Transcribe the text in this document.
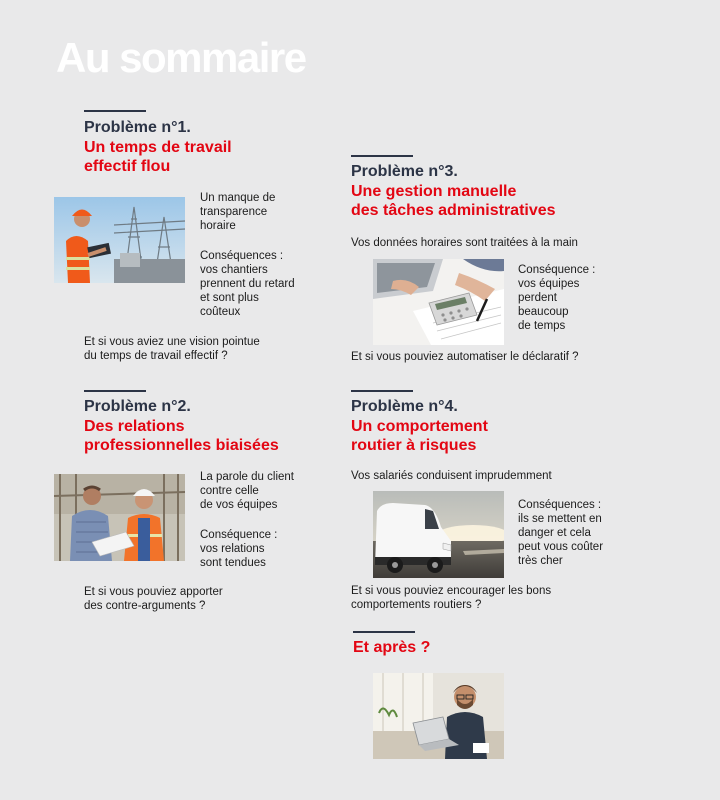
Au sommaire
Problème n°1.
Un temps de travail
effectif flou
Un manque de
transparence
horaire
Conséquences :
vos chantiers
prennent du retard
et sont plus
coûteux
Et si vous aviez une vision pointue
du temps de travail effectif ?
Problème n°2.
Des relations
professionnelles biaisées
La parole du client
contre celle
de vos équipes
Conséquence :
vos relations
sont tendues
Et si vous pouviez apporter
des contre-arguments ?
Problème n°3.
Une gestion manuelle
des tâches administratives
Vos données horaires sont traitées à la main
Conséquence :
vos équipes
perdent
beaucoup
de temps
Et si vous pouviez automatiser le déclaratif ?
Problème n°4.
Un comportement
routier à risques
Vos salariés conduisent imprudemment
Conséquences :
ils se mettent en
danger et cela
peut vous coûter
très cher
Et si vous pouviez encourager les bons
comportements routiers ?
Et après ?
